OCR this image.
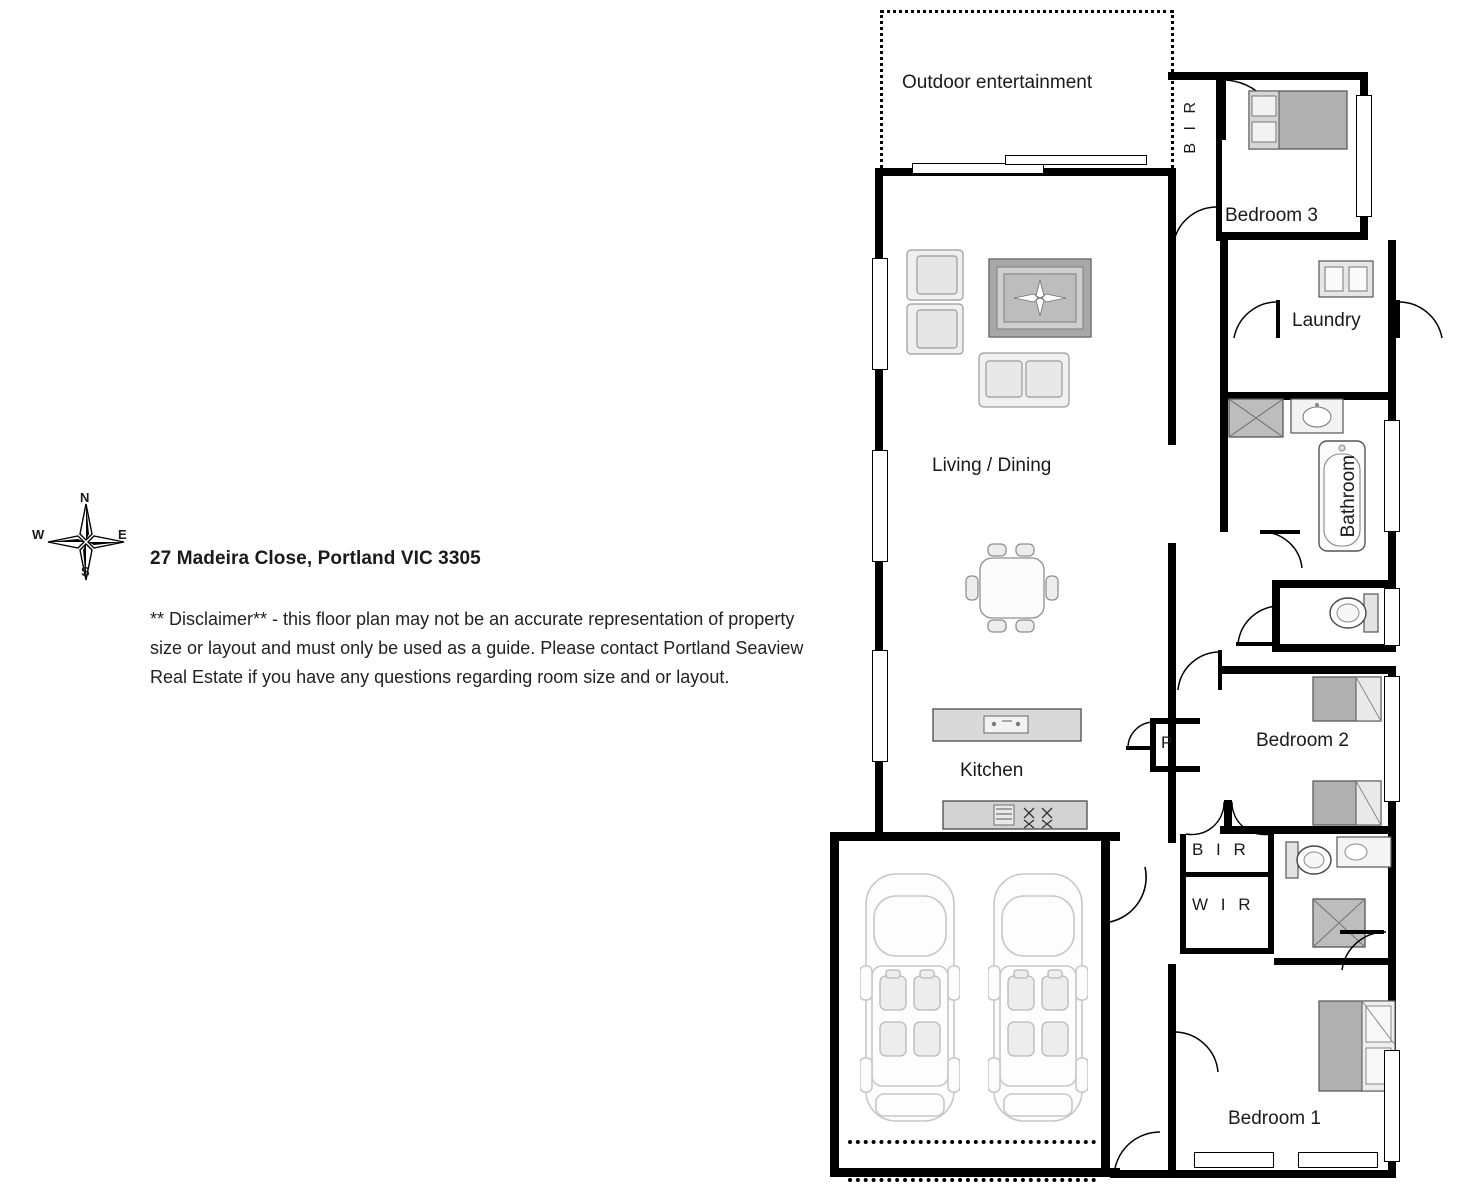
N
S
W	E
27 Madeira Close, Portland VIC 3305
** Disclaimer** - this floor plan may not be an accurate representation of property size or layout and must only be used as a guide. Please contact Portland Seaview Real Estate if you have any questions regarding room size and or layout.
Outdoor entertainment
Living / Dining
Kitchen
P
B I R
Bedroom 3
Laundry
Bathroom
Bedroom 2
B I R
W I R
Bedroom 1
